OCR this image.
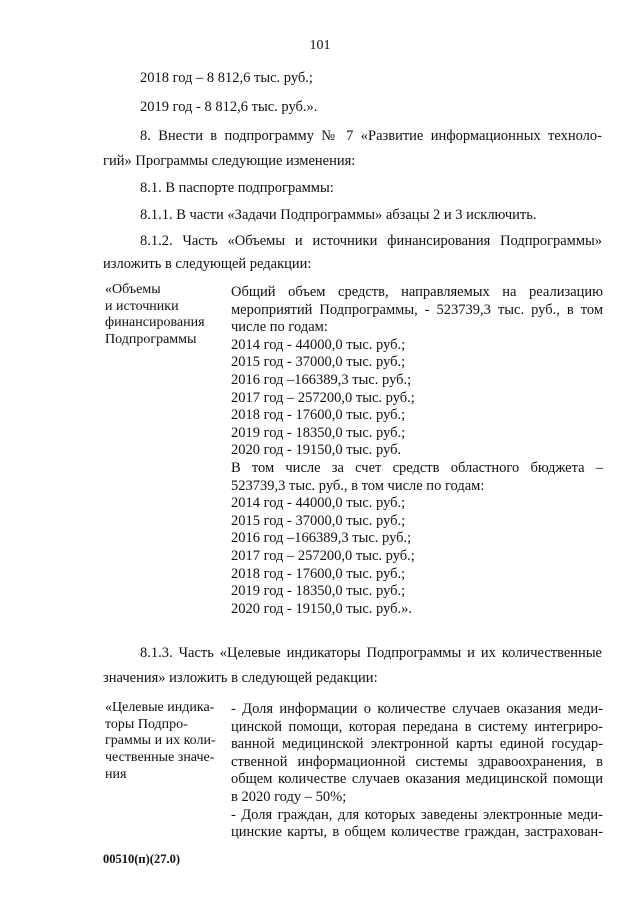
101
2018 год – 8 812,6 тыс. руб.;
2019 год - 8 812,6 тыс. руб.».
8. Внести в подпрограмму № 7 «Развитие информационных техноло-
гий» Программы следующие изменения:
8.1. В паспорте подпрограммы:
8.1.1. В части «Задачи Подпрограммы» абзацы 2 и 3 исключить.
8.1.2. Часть «Объемы и источники финансирования Подпрограммы»
изложить в следующей редакции:
«Объемы
и источники
финансирования
Подпрограммы
Общий объем средств, направляемых на реализацию
мероприятий Подпрограммы, - 523739,3 тыс. руб., в том
числе по годам:
2014 год - 44000,0 тыс. руб.;
2015 год - 37000,0 тыс. руб.;
2016 год –166389,3 тыс. руб.;
2017 год – 257200,0 тыс. руб.;
2018 год - 17600,0 тыс. руб.;
2019 год - 18350,0 тыс. руб.;
2020 год - 19150,0 тыс. руб.
В том числе за счет средств областного бюджета –
523739,3 тыс. руб., в том числе по годам:
2014 год - 44000,0 тыс. руб.;
2015 год - 37000,0 тыс. руб.;
2016 год –166389,3 тыс. руб.;
2017 год – 257200,0 тыс. руб.;
2018 год - 17600,0 тыс. руб.;
2019 год - 18350,0 тыс. руб.;
2020 год - 19150,0 тыс. руб.».
8.1.3. Часть «Целевые индикаторы Подпрограммы и их количественные
значения» изложить в следующей редакции:
«Целевые индика-
торы Подпро-
граммы и их коли-
чественные значе-
ния
- Доля информации о количестве случаев оказания меди-
цинской помощи, которая передана в систему интегриро-
ванной медицинской электронной карты единой государ-
ственной информационной системы здравоохранения, в
общем количестве случаев оказания медицинской помощи
в 2020 году – 50%;
- Доля граждан, для которых заведены электронные меди-
цинские карты, в общем количестве граждан, застрахован-
00510(п)(27.0)
